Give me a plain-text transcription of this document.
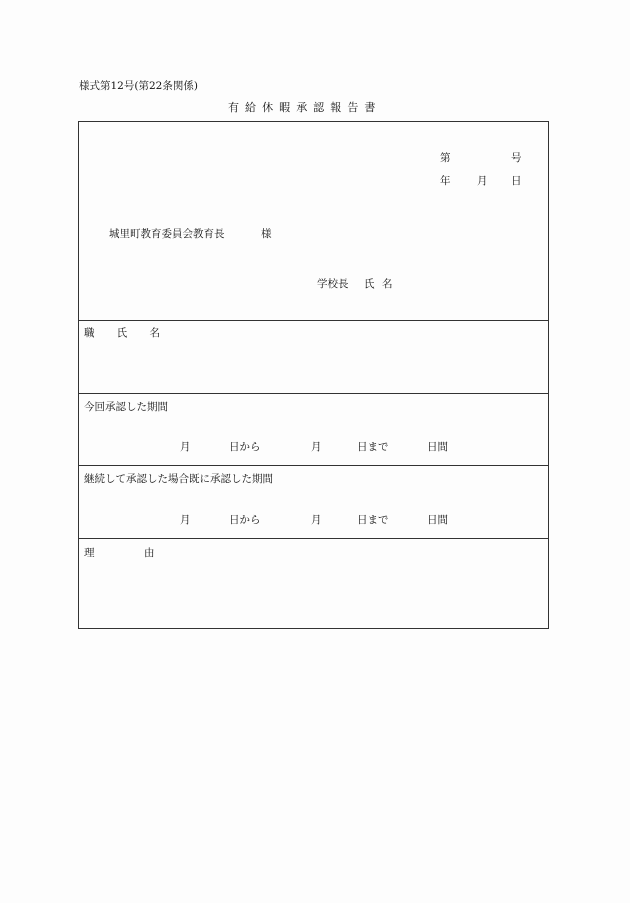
様式第12号(第22条関係)
有給休暇承認報告書
第	号
年	月 日
城里町教育委員会教育長	様
学校長 氏 名
職 氏 名
今回承認した期間
月	日から	月	日まで	日間
継続して承認した場合既に承認した期間
月	日から	月	日まで	日間
理 由
